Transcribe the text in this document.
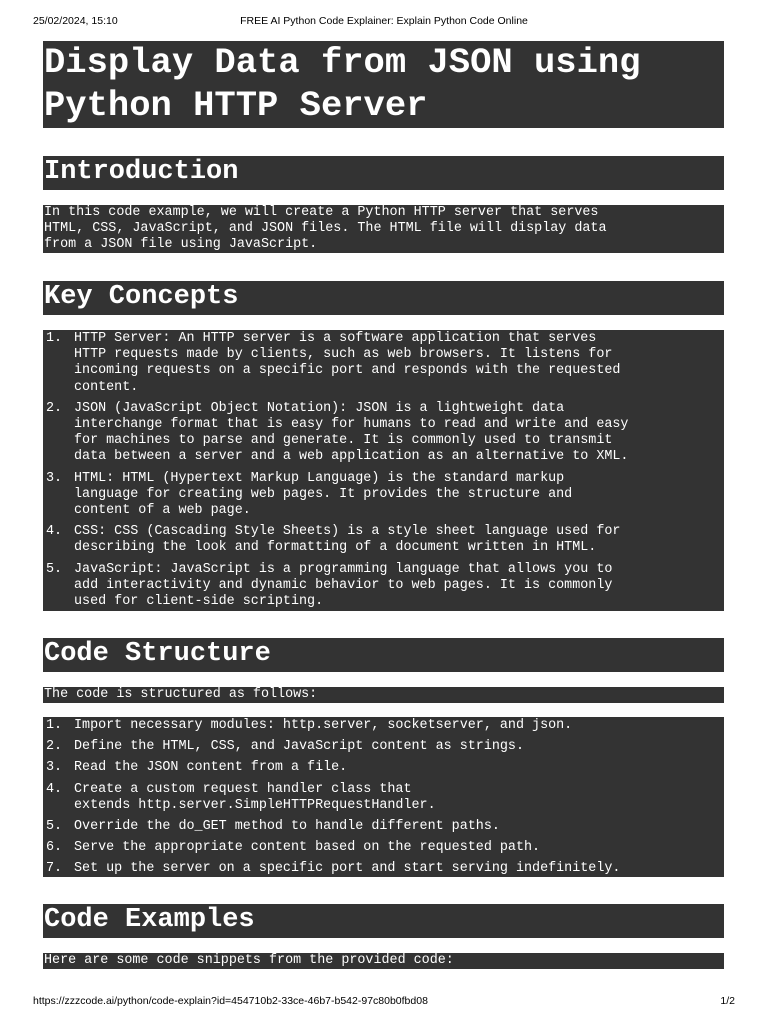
25/02/2024, 15:10	FREE AI Python Code Explainer: Explain Python Code Online
Display Data from JSON using
Python HTTP Server
Introduction
In this code example, we will create a Python HTTP server that serves
HTML, CSS, JavaScript, and JSON files. The HTML file will display data
from a JSON file using JavaScript.
Key Concepts
1. HTTP Server: An HTTP server is a software application that serves
HTTP requests made by clients, such as web browsers. It listens for
incoming requests on a specific port and responds with the requested
content.
2. JSON (JavaScript Object Notation): JSON is a lightweight data
interchange format that is easy for humans to read and write and easy
for machines to parse and generate. It is commonly used to transmit
data between a server and a web application as an alternative to XML.
3. HTML: HTML (Hypertext Markup Language) is the standard markup
language for creating web pages. It provides the structure and
content of a web page.
4. CSS: CSS (Cascading Style Sheets) is a style sheet language used for
describing the look and formatting of a document written in HTML.
5. JavaScript: JavaScript is a programming language that allows you to
add interactivity and dynamic behavior to web pages. It is commonly
used for client-side scripting.
Code Structure
The code is structured as follows:
1. Import necessary modules: http.server, socketserver, and json.
2. Define the HTML, CSS, and JavaScript content as strings.
3. Read the JSON content from a file.
4. Create a custom request handler class that
extends http.server.SimpleHTTPRequestHandler.
5. Override the do_GET method to handle different paths.
6. Serve the appropriate content based on the requested path.
7. Set up the server on a specific port and start serving indefinitely.
Code Examples
Here are some code snippets from the provided code:
https://zzzcode.ai/python/code-explain?id=454710b2-33ce-46b7-b542-97c80b0fbd08	1/2
